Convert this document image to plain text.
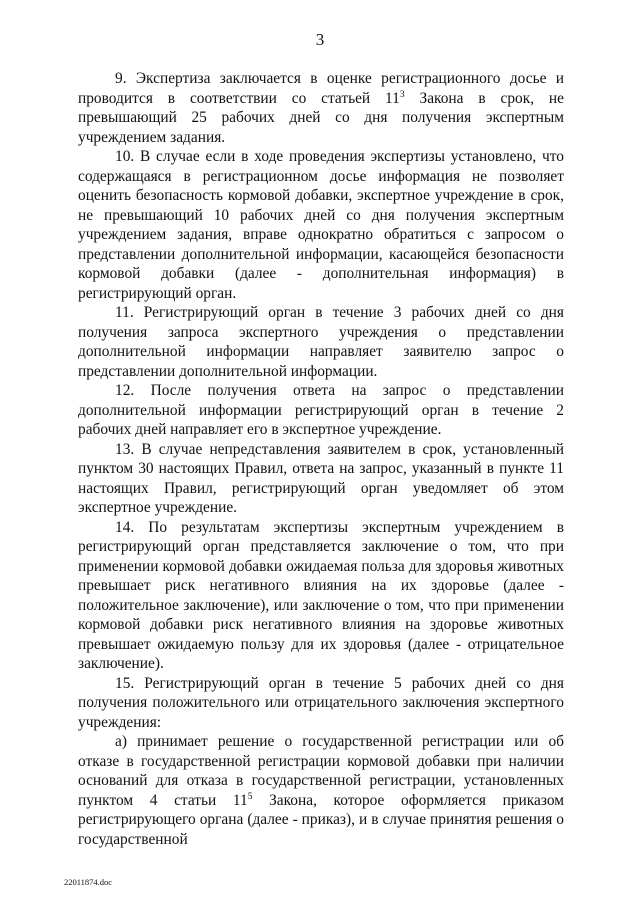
3

9. Экспертиза заключается в оценке регистрационного досье и проводится в соответствии со статьей $11^3$ Закона в срок, не превышающий 25 рабочих дней со дня получения экспертным учреждением задания.

10. В случае если в ходе проведения экспертизы установлено, что содержащаяся в регистрационном досье информация не позволяет оценить безопасность кормовой добавки, экспертное учреждение в срок, не превышающий 10 рабочих дней со дня получения экспертным учреждением задания, вправе однократно обратиться с запросом о представлении дополнительной информации, касающейся безопасности кормовой добавки (далее - дополнительная информация) в регистрирующий орган.

11. Регистрирующий орган в течение 3 рабочих дней со дня получения запроса экспертного учреждения о представлении дополнительной информации направляет заявителю запрос о представлении дополнительной информации.

12. После получения ответа на запрос о представлении дополнительной информации регистрирующий орган в течение 2 рабочих дней направляет его в экспертное учреждение.

13. В случае непредставления заявителем в срок, установленный пунктом 30 настоящих Правил, ответа на запрос, указанный в пункте 11 настоящих Правил, регистрирующий орган уведомляет об этом экспертное учреждение.

14. По результатам экспертизы экспертным учреждением в регистрирующий орган представляется заключение о том, что при применении кормовой добавки ожидаемая польза для здоровья животных превышает риск негативного влияния на их здоровье (далее - положительное заключение), или заключение о том, что при применении кормовой добавки риск негативного влияния на здоровье животных превышает ожидаемую пользу для их здоровья (далее - отрицательное заключение).

15. Регистрирующий орган в течение 5 рабочих дней со дня получения положительного или отрицательного заключения экспертного учреждения:

а) принимает решение о государственной регистрации или об отказе в государственной регистрации кормовой добавки при наличии оснований для отказа в государственной регистрации, установленных пунктом 4 статьи $11^5$ Закона, которое оформляется приказом регистрирующего органа (далее - приказ), и в случае принятия решения о государственной

22011874.doc
